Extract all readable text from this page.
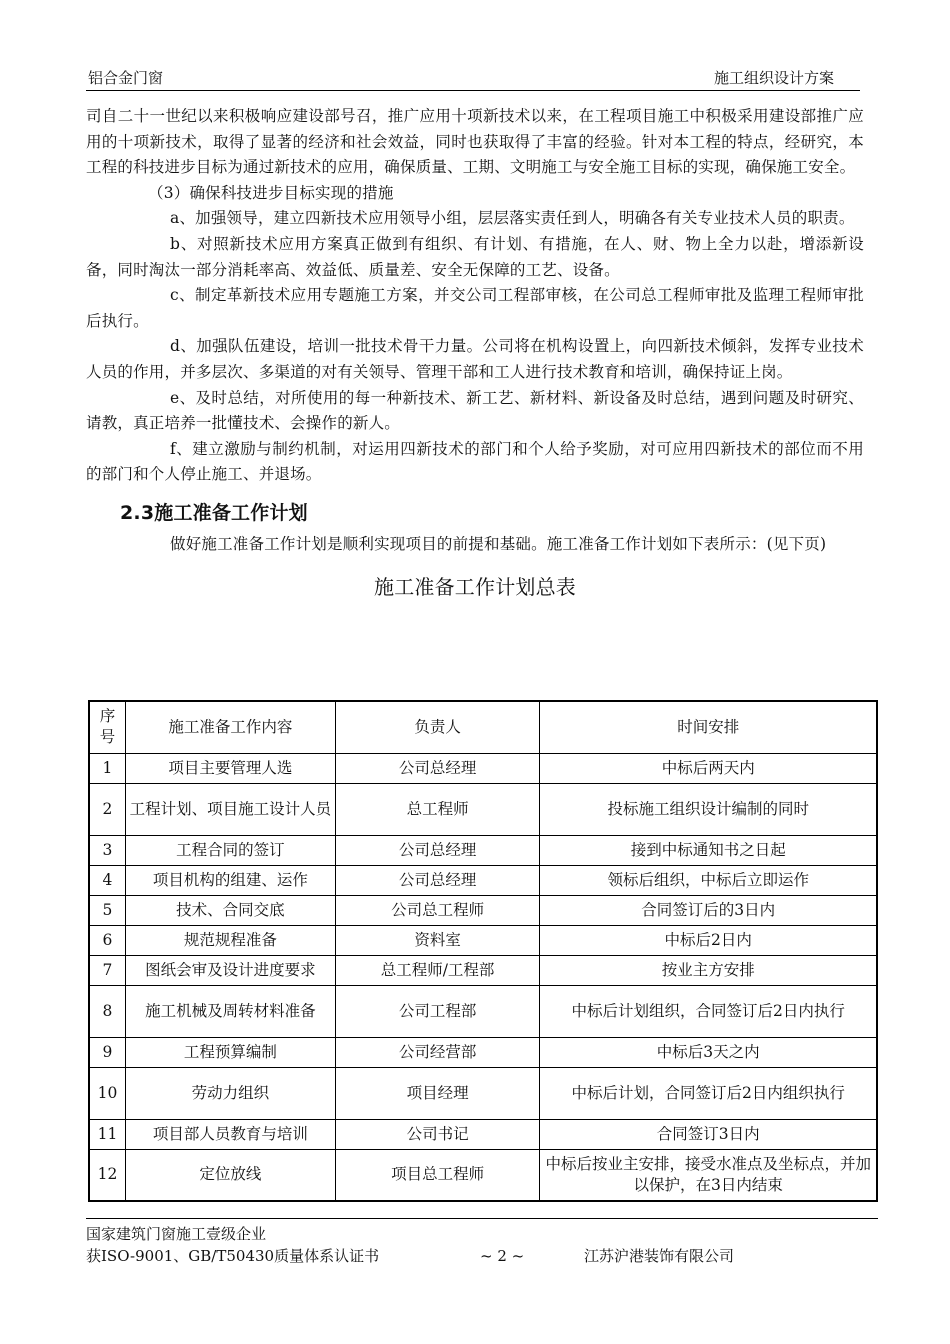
铝合金门窗	施工组织设计方案

司自二十一世纪以来积极响应建设部号召，推广应用十项新技术以来，在工程项目施工中积极采用建设部推广应用的十项新技术，取得了显著的经济和社会效益，同时也获取得了丰富的经验。针对本工程的特点，经研究，本工程的科技进步目标为通过新技术的应用，确保质量、工期、文明施工与安全施工目标的实现，确保施工安全。

（3）确保科技进步目标实现的措施

a、加强领导，建立四新技术应用领导小组，层层落实责任到人，明确各有关专业技术人员的职责。

b、对照新技术应用方案真正做到有组织、有计划、有措施，在人、财、物上全力以赴，增添新设备，同时淘汰一部分消耗率高、效益低、质量差、安全无保障的工艺、设备。

c、制定革新技术应用专题施工方案，并交公司工程部审核，在公司总工程师审批及监理工程师审批后执行。

d、加强队伍建设，培训一批技术骨干力量。公司将在机构设置上，向四新技术倾斜，发挥专业技术人员的作用，并多层次、多渠道的对有关领导、管理干部和工人进行技术教育和培训，确保持证上岗。

e、及时总结，对所使用的每一种新技术、新工艺、新材料、新设备及时总结，遇到问题及时研究、请教，真正培养一批懂技术、会操作的新人。

f、建立激励与制约机制，对运用四新技术的部门和个人给予奖励，对可应用四新技术的部位而不用的部门和个人停止施工、并退场。

2.3施工准备工作计划

做好施工准备工作计划是顺利实现项目的前提和基础。施工准备工作计划如下表所示：(见下页)

施工准备工作计划总表
序号	施工准备工作内容	负责人	时间安排
1	项目主要管理人选	公司总经理	中标后两天内
2	工程计划、项目施工设计人员	总工程师	投标施工组织设计编制的同时
3	工程合同的签订	公司总经理	接到中标通知书之日起
4	项目机构的组建、运作	公司总经理	领标后组织，中标后立即运作
5	技术、合同交底	公司总工程师	合同签订后的3日内
6	规范规程准备	资料室	中标后2日内
7	图纸会审及设计进度要求	总工程师/工程部	按业主方安排
8	施工机械及周转材料准备	公司工程部	中标后计划组织，合同签订后2日内执行
9	工程预算编制	公司经营部	中标后3天之内
10	劳动力组织	项目经理	中标后计划，合同签订后2日内组织执行
11	项目部人员教育与培训	公司书记	合同签订3日内
12	定位放线	项目总工程师	中标后按业主安排，接受水准点及坐标点，并加以保护，在3日内结束
国家建筑门窗施工壹级企业
获ISO-9001、GB/T50430质量体系认证书	~ 2 ~	江苏沪港装饰有限公司
